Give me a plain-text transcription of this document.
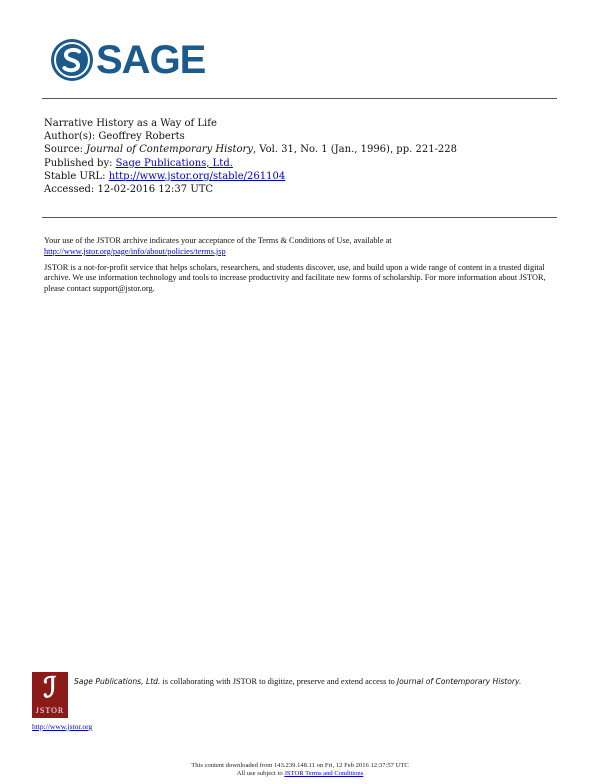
SAGE
Narrative History as a Way of Life
Author(s): Geoffrey Roberts
Source: Journal of Contemporary History, Vol. 31, No. 1 (Jan., 1996), pp. 221-228
Published by: Sage Publications, Ltd.
Stable URL: http://www.jstor.org/stable/261104
Accessed: 12-02-2016 12:37 UTC

Your use of the JSTOR archive indicates your acceptance of the Terms & Conditions of Use, available at http://www.jstor.org/page/info/about/policies/terms.jsp

JSTOR is a not-for-profit service that helps scholars, researchers, and students discover, use, and build upon a wide range of content in a trusted digital archive. We use information technology and tools to increase productivity and facilitate new forms of scholarship. For more information about JSTOR, please contact support@jstor.org.

ℐ
JSTOR
Sage Publications, Ltd. is collaborating with JSTOR to digitize, preserve and extend access to Journal of Contemporary History.
http://www.jstor.org
This content downloaded from 143.239.148.11 on Fri, 12 Feb 2016 12:37:57 UTC
All use subject to JSTOR Terms and Conditions
